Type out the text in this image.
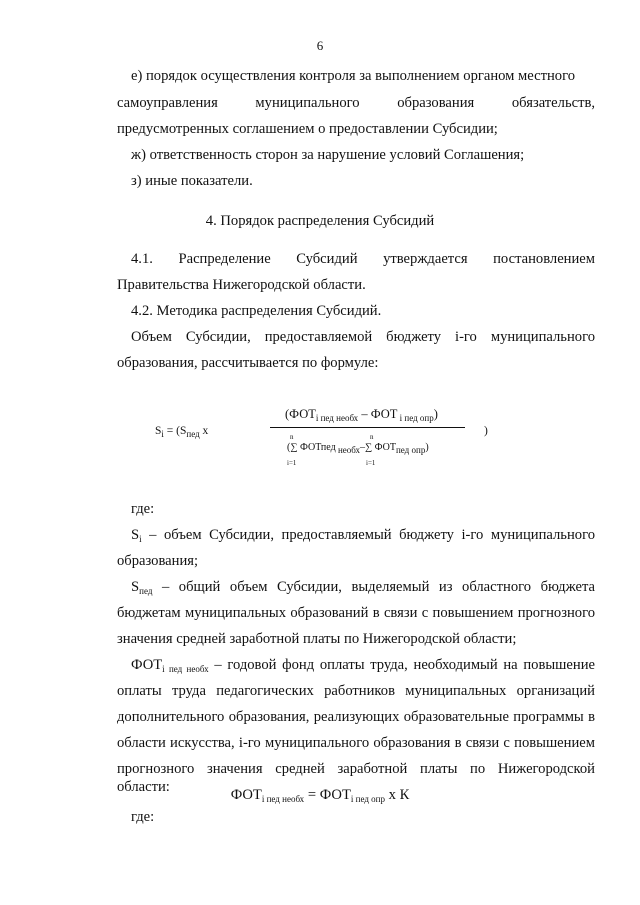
6
е) порядок осуществления контроля за выполнением органом местного
самоуправления муниципального образования обязательств,
предусмотренных соглашением о предоставлении Субсидии;
ж) ответственность сторон за нарушение условий Соглашения;
з) иные показатели.
4. Порядок распределения Субсидий
4.1. Распределение Субсидий утверждается постановлением
Правительства Нижегородской области.
4.2. Методика распределения Субсидий.
Объем Субсидии, предоставляемой бюджету i-го муниципального
образования, рассчитывается по формуле:
$S_i = (S_{пед}$ x
($ФОТ_{i пед необх}$ – ФОТ $_{i пед опр}$)
n	n
(∑ ФОТпед $_{необх}$–∑ $ФОТ_{пед опр}$)
i=1	i=1
)
где:
$S_i$ – объем Субсидии, предоставляемый бюджету i-го муниципального
образования;
$S_{пед}$ – общий объем Субсидии, выделяемый из областного бюджета
бюджетам муниципальных образований в связи с повышением прогнозного
значения средней заработной платы по Нижегородской области;
$ФОТ_{i пед необх}$ – годовой фонд оплаты труда, необходимый на повышение
оплаты труда педагогических работников муниципальных организаций
дополнительного образования, реализующих образовательные программы в
области искусства, i-го муниципального образования в связи с повышением
прогнозного значения средней заработной платы по Нижегородской области:	$ФОТ_{i пед необх} = ФОТ_{i пед опр}$ x К
где:
